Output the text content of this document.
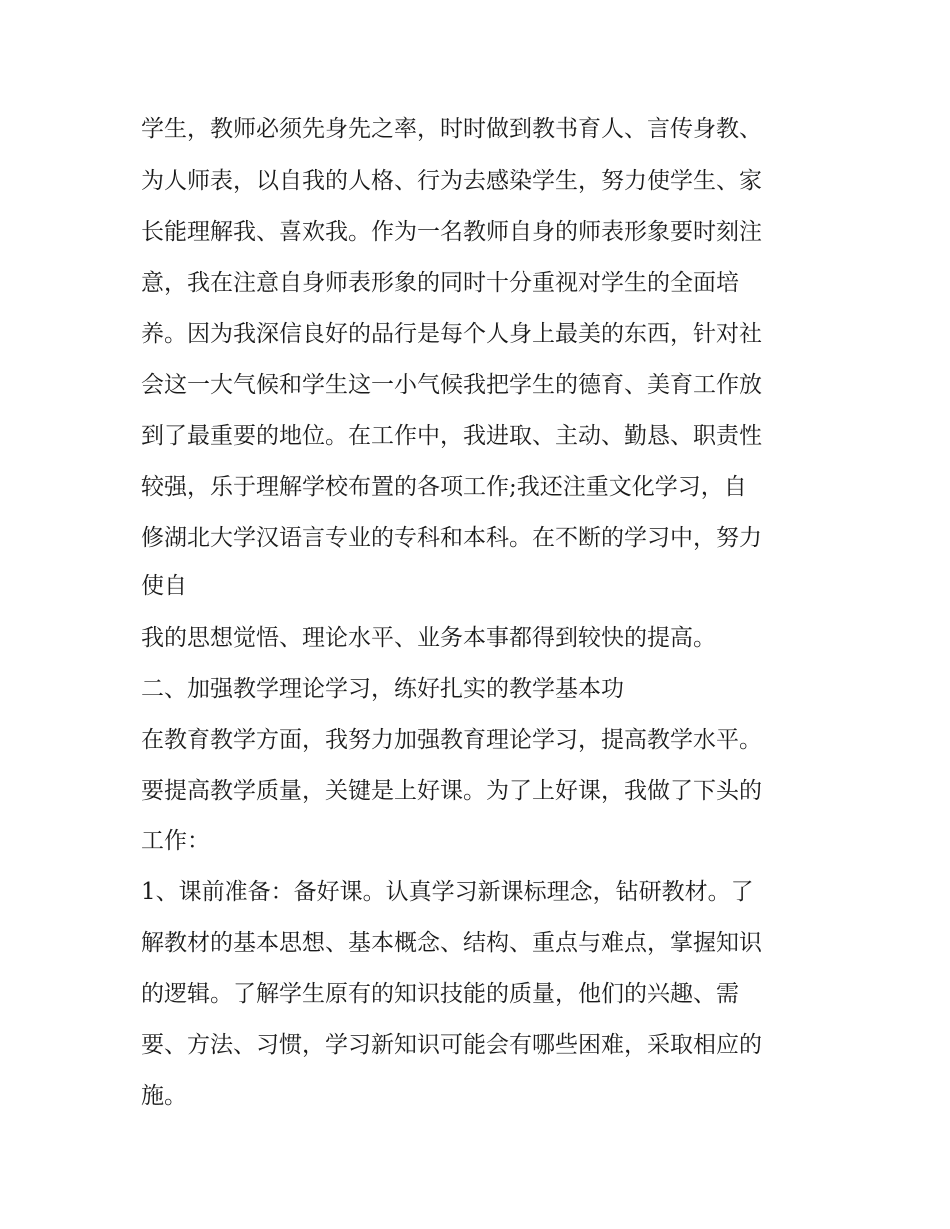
学生，教师必须先身先之率，时时做到教书育人、言传身教、

为人师表，以自我的人格、行为去感染学生，努力使学生、家

长能理解我、喜欢我。作为一名教师自身的师表形象要时刻注

意，我在注意自身师表形象的同时十分重视对学生的全面培

养。因为我深信良好的品行是每个人身上最美的东西，针对社

会这一大气候和学生这一小气候我把学生的德育、美育工作放

到了最重要的地位。在工作中，我进取、主动、勤恳、职责性

较强，乐于理解学校布置的各项工作;我还注重文化学习，自

修湖北大学汉语言专业的专科和本科。在不断的学习中，努力

使自

我的思想觉悟、理论水平、业务本事都得到较快的提高。

二、加强教学理论学习，练好扎实的教学基本功

在教育教学方面，我努力加强教育理论学习，提高教学水平。

要提高教学质量，关键是上好课。为了上好课，我做了下头的

工作：

1、课前准备：备好课。认真学习新课标理念，钻研教材。了

解教材的基本思想、基本概念、结构、重点与难点，掌握知识

的逻辑。了解学生原有的知识技能的质量，他们的兴趣、需

要、方法、习惯，学习新知识可能会有哪些困难，采取相应的

施。
